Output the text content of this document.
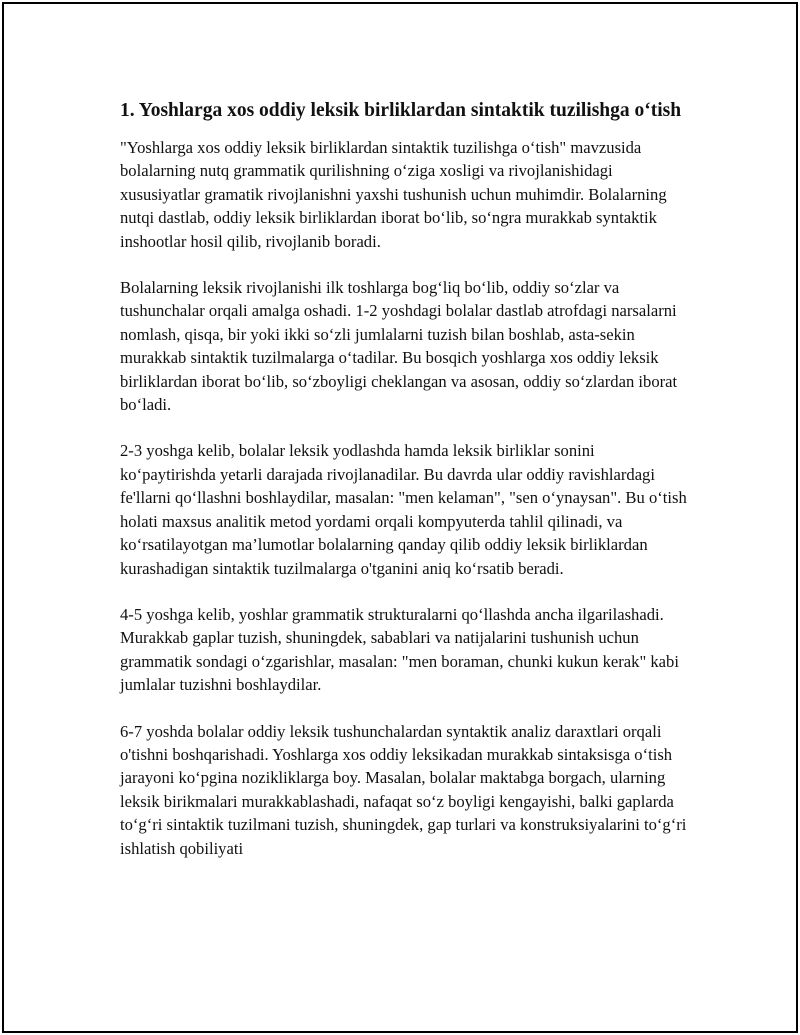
1. Yoshlarga xos oddiy leksik birliklardan sintaktik tuzilishga o‘tish

"Yoshlarga xos oddiy leksik birliklardan sintaktik tuzilishga o‘tish" mavzusida bolalarning nutq grammatik qurilishning o‘ziga xosligi va rivojlanishidagi xususiyatlar gramatik rivojlanishni yaxshi tushunish uchun muhimdir. Bolalarning nutqi dastlab, oddiy leksik birliklardan iborat bo‘lib, so‘ngra murakkab syntaktik inshootlar hosil qilib, rivojlanib boradi.

Bolalarning leksik rivojlanishi ilk toshlarga bog‘liq bo‘lib, oddiy so‘zlar va tushunchalar orqali amalga oshadi. 1-2 yoshdagi bolalar dastlab atrofdagi narsalarni nomlash, qisqa, bir yoki ikki so‘zli jumlalarni tuzish bilan boshlab, asta-sekin murakkab sintaktik tuzilmalarga o‘tadilar. Bu bosqich yoshlarga xos oddiy leksik birliklardan iborat bo‘lib, so‘zboyligi cheklangan va asosan, oddiy so‘zlardan iborat bo‘ladi.

2-3 yoshga kelib, bolalar leksik yodlashda hamda leksik birliklar sonini ko‘paytirishda yetarli darajada rivojlanadilar. Bu davrda ular oddiy ravishlardagi fe'llarni qo‘llashni boshlaydilar, masalan: "men kelaman", "sen o‘ynaysan". Bu o‘tish holati maxsus analitik metod yordami orqali kompyuterda tahlil qilinadi, va ko‘rsatilayotgan ma’lumotlar bolalarning qanday qilib oddiy leksik birliklardan kurashadigan sintaktik tuzilmalarga o'tganini aniq ko‘rsatib beradi.

4-5 yoshga kelib, yoshlar grammatik strukturalarni qo‘llashda ancha ilgarilashadi. Murakkab gaplar tuzish, shuningdek, sabablari va natijalarini tushunish uchun grammatik sondagi o‘zgarishlar, masalan: "men boraman, chunki kukun kerak" kabi jumlalar tuzishni boshlaydilar.

6-7 yoshda bolalar oddiy leksik tushunchalardan syntaktik analiz daraxtlari orqali o'tishni boshqarishadi. Yoshlarga xos oddiy leksikadan murakkab sintaksisga o‘tish jarayoni ko‘pgina nozikliklarga boy. Masalan, bolalar maktabga borgach, ularning leksik birikmalari murakkablashadi, nafaqat so‘z boyligi kengayishi, balki gaplarda to‘g‘ri sintaktik tuzilmani tuzish, shuningdek, gap turlari va konstruksiyalarini to‘g‘ri ishlatish qobiliyati
